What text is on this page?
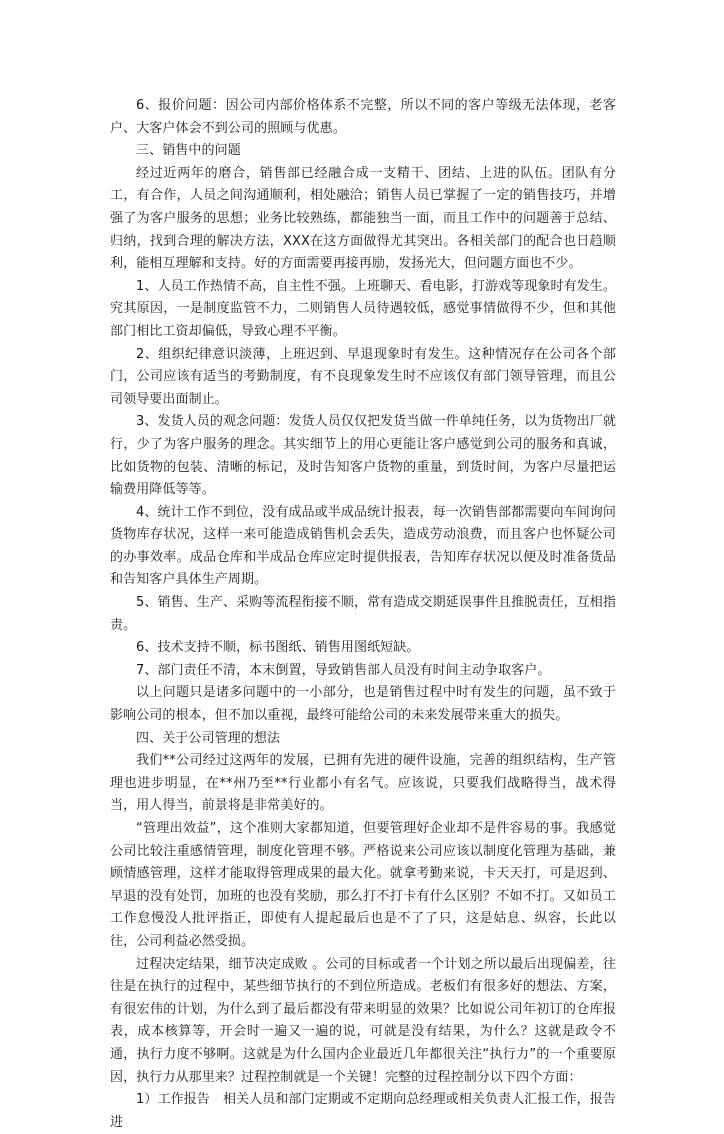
6、报价问题：因公司内部价格体系不完整，所以不同的客户等级无法体现，老客户、大客户体会不到公司的照顾与优惠。

三、销售中的问题

经过近两年的磨合，销售部已经融合成一支精干、团结、上进的队伍。团队有分工，有合作，人员之间沟通顺利，相处融洽；销售人员已掌握了一定的销售技巧，并增强了为客户服务的思想；业务比较熟练，都能独当一面，而且工作中的问题善于总结、归纳，找到合理的解决方法，XXX在这方面做得尤其突出。各相关部门的配合也日趋顺利，能相互理解和支持。好的方面需要再接再励，发扬光大，但问题方面也不少。

1、人员工作热情不高，自主性不强。上班聊天、看电影，打游戏等现象时有发生。究其原因，一是制度监管不力，二则销售人员待遇较低，感觉事情做得不少，但和其他部门相比工资却偏低，导致心理不平衡。

2、组织纪律意识淡薄，上班迟到、早退现象时有发生。这种情况存在公司各个部门，公司应该有适当的考勤制度，有不良现象发生时不应该仅有部门领导管理，而且公司领导要出面制止。

3、发货人员的观念问题：发货人员仅仅把发货当做一件单纯任务，以为货物出厂就行，少了为客户服务的理念。其实细节上的用心更能让客户感觉到公司的服务和真诚，比如货物的包装、清晰的标记，及时告知客户货物的重量，到货时间，为客户尽量把运输费用降低等等。

4、统计工作不到位，没有成品或半成品统计报表，每一次销售部都需要向车间询问货物库存状况，这样一来可能造成销售机会丢失，造成劳动浪费，而且客户也怀疑公司的办事效率。成品仓库和半成品仓库应定时提供报表，告知库存状况以便及时准备货品和告知客户具体生产周期。

5、销售、生产、采购等流程衔接不顺，常有造成交期延误事件且推脱责任，互相指责。

6、技术支持不顺，标书图纸、销售用图纸短缺。

7、部门责任不清，本末倒置，导致销售部人员没有时间主动争取客户。

以上问题只是诸多问题中的一小部分，也是销售过程中时有发生的问题，虽不致于影响公司的根本，但不加以重视，最终可能给公司的未来发展带来重大的损失。

四、关于公司管理的想法

我们**公司经过这两年的发展，已拥有先进的硬件设施，完善的组织结构，生产管理也进步明显，在**州乃至**行业都小有名气。应该说，只要我们战略得当，战术得当，用人得当，前景将是非常美好的。

“管理出效益”，这个准则大家都知道，但要管理好企业却不是件容易的事。我感觉公司比较注重感情管理，制度化管理不够。严格说来公司应该以制度化管理为基础，兼顾情感管理，这样才能取得管理成果的最大化。就拿考勤来说，卡天天打，可是迟到、早退的没有处罚，加班的也没有奖励，那么打不打卡有什么区别？不如不打。又如员工工作怠慢没人批评指正，即使有人提起最后也是不了了只，这是姑息、纵容，长此以往，公司利益必然受损。

过程决定结果，细节决定成败 。公司的目标或者一个计划之所以最后出现偏差，往往是在执行的过程中，某些细节执行的不到位所造成。老板们有很多好的想法、方案，有很宏伟的计划，为什么到了最后都没有带来明显的效果？比如说公司年初订的仓库报表，成本核算等，开会时一遍又一遍的说，可就是没有结果，为什么？这就是政令不通，执行力度不够啊。这就是为什么国内企业最近几年都很关注“执行力”的一个重要原因，执行力从那里来？过程控制就是一个关键！完整的过程控制分以下四个方面：

1）工作报告　相关人员和部门定期或不定期向总经理或相关负责人汇报工作，报告进
